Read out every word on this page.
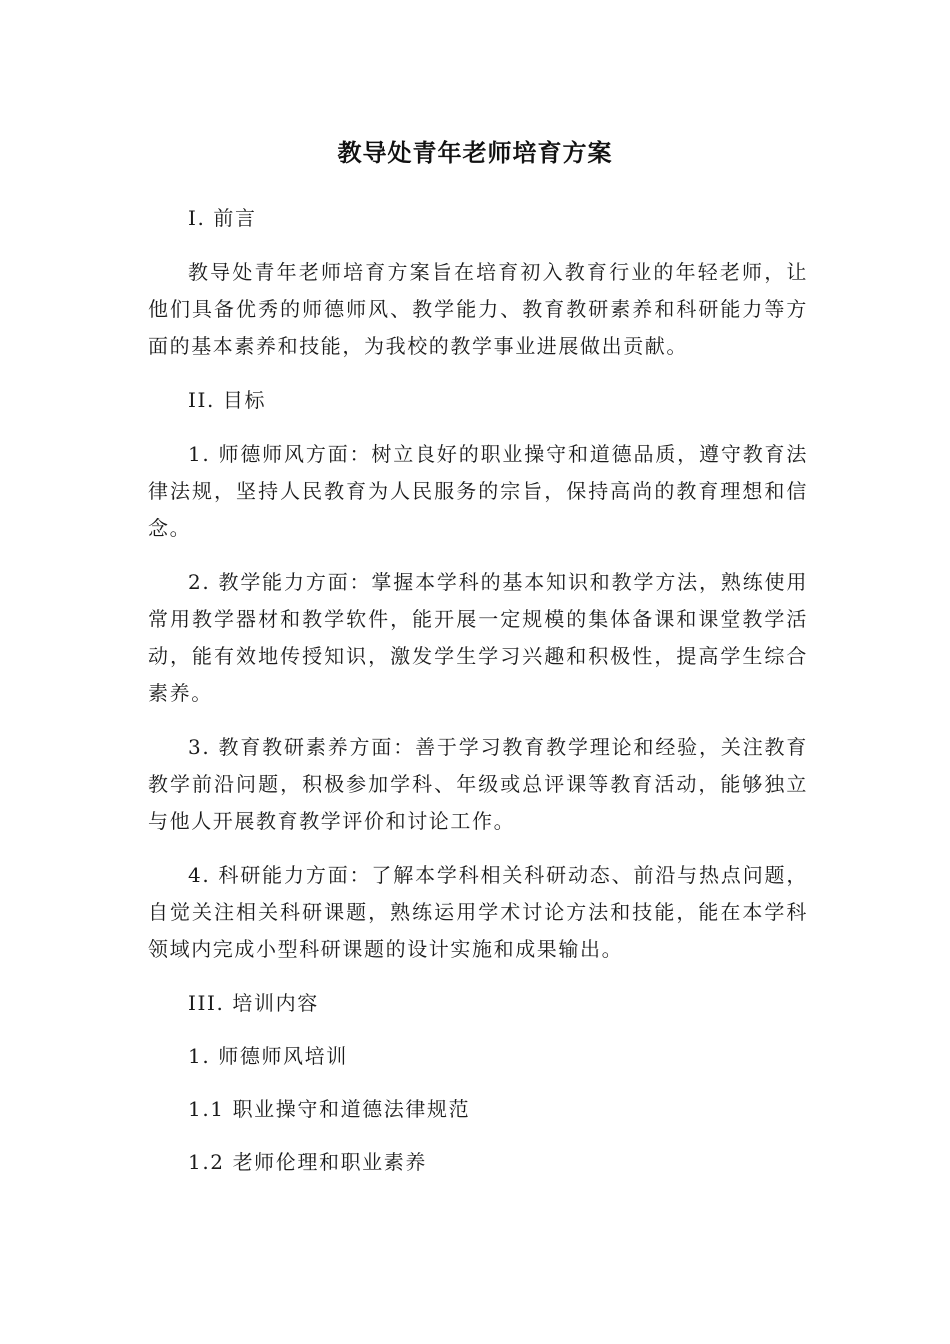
教导处青年老师培育方案

I. 前言

教导处青年老师培育方案旨在培育初入教育行业的年轻老师，让他们具备优秀的师德师风、教学能力、教育教研素养和科研能力等方面的基本素养和技能，为我校的教学事业进展做出贡献。

II. 目标

1. 师德师风方面：树立良好的职业操守和道德品质，遵守教育法律法规，坚持人民教育为人民服务的宗旨，保持高尚的教育理想和信念。

2. 教学能力方面：掌握本学科的基本知识和教学方法，熟练使用常用教学器材和教学软件，能开展一定规模的集体备课和课堂教学活动，能有效地传授知识，激发学生学习兴趣和积极性，提高学生综合素养。

3. 教育教研素养方面：善于学习教育教学理论和经验，关注教育教学前沿问题，积极参加学科、年级或总评课等教育活动，能够独立与他人开展教育教学评价和讨论工作。

4. 科研能力方面：了解本学科相关科研动态、前沿与热点问题，自觉关注相关科研课题，熟练运用学术讨论方法和技能，能在本学科领域内完成小型科研课题的设计实施和成果输出。

III. 培训内容

1. 师德师风培训

1.1 职业操守和道德法律规范

1.2 老师伦理和职业素养
